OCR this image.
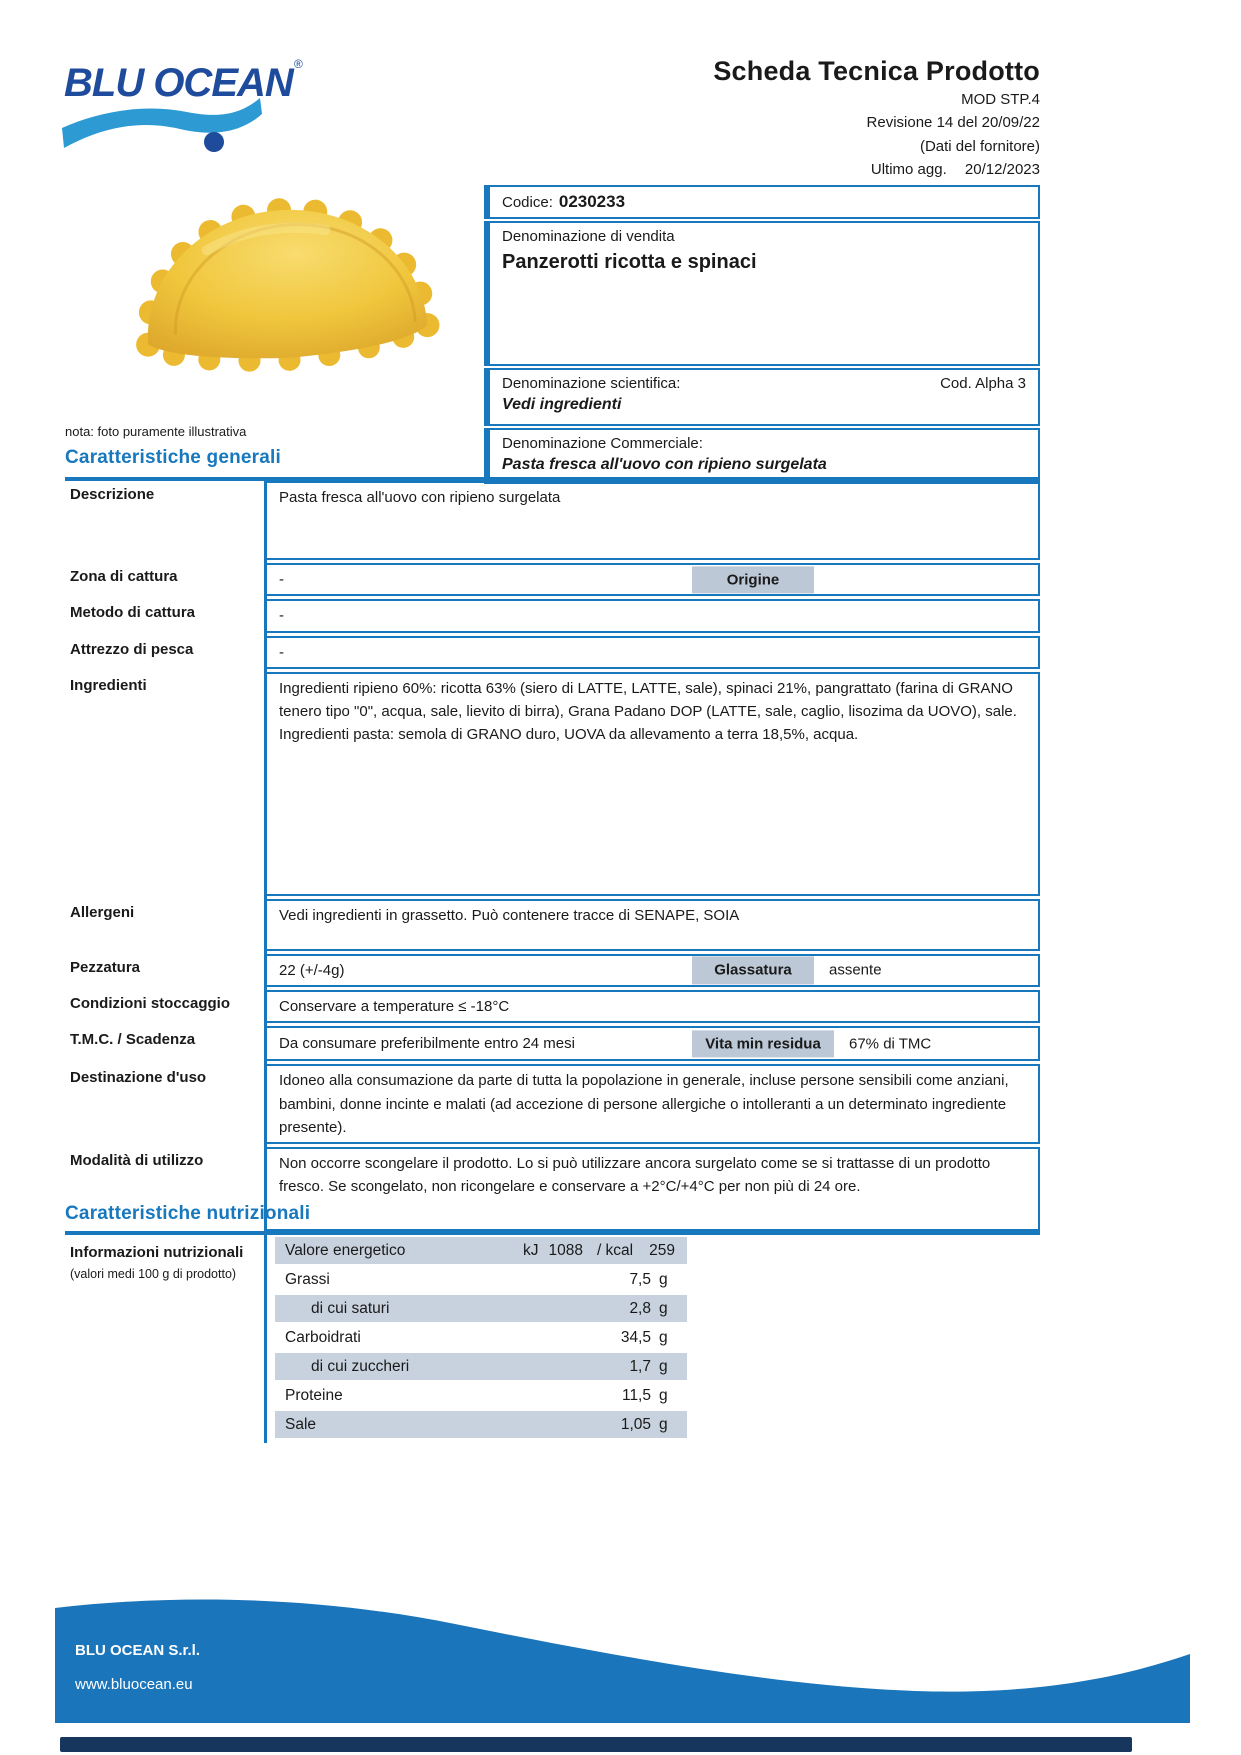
BLU OCEAN ®	Scheda Tecnica Prodotto
MOD STP.4
Revisione 14 del 20/09/22
(Dati del fornitore)
Ultimo agg. 20/12/2023
nota: foto puramente illustrativa
Codice: 0230233
Denominazione di vendita
Panzerotti ricotta e spinaci
Denominazione scientifica:	Cod. Alpha 3
Vedi ingredienti
Denominazione Commerciale:
Pasta fresca all'uovo con ripieno surgelata
Caratteristiche generali
Descrizione	Pasta fresca all'uovo con ripieno surgelata
Zona di cattura	-	Origine
Metodo di cattura	-
Attrezzo di pesca	-
Ingredienti	Ingredienti ripieno 60%: ricotta 63% (siero di LATTE, LATTE, sale), spinaci 21%, pangrattato (farina di GRANO tenero tipo "0", acqua, sale, lievito di birra), Grana Padano DOP (LATTE, sale, caglio, lisozima da UOVO), sale. Ingredienti pasta: semola di GRANO duro, UOVA da allevamento a terra 18,5%, acqua.
Allergeni	Vedi ingredienti in grassetto. Può contenere tracce di SENAPE, SOIA
Pezzatura	22 (+/-4g)	Glassatura	assente
Condizioni stoccaggio	Conservare a temperature ≤ -18°C
T.M.C. / Scadenza	Da consumare preferibilmente entro 24 mesi	Vita min residua	67% di TMC
Destinazione d'uso	Idoneo alla consumazione da parte di tutta la popolazione in generale, incluse persone sensibili come anziani, bambini, donne incinte e malati (ad accezione di persone allergiche o intolleranti a un determinato ingrediente presente).
Modalità di utilizzo	Non occorre scongelare il prodotto. Lo si può utilizzare ancora surgelato come se si trattasse di un prodotto fresco. Se scongelato, non ricongelare e conservare a +2°C/+4°C per non più di 24 ore.
Caratteristiche nutrizionali
Informazioni nutrizionali
(valori medi 100 g di prodotto)
Valore energetico	kJ 1088 / kcal 259
Grassi	7,5 g
di cui saturi	2,8 g
Carboidrati	34,5 g
di cui zuccheri	1,7 g
Proteine	11,5 g
Sale	1,05 g
BLU OCEAN S.r.l.
www.bluocean.eu
